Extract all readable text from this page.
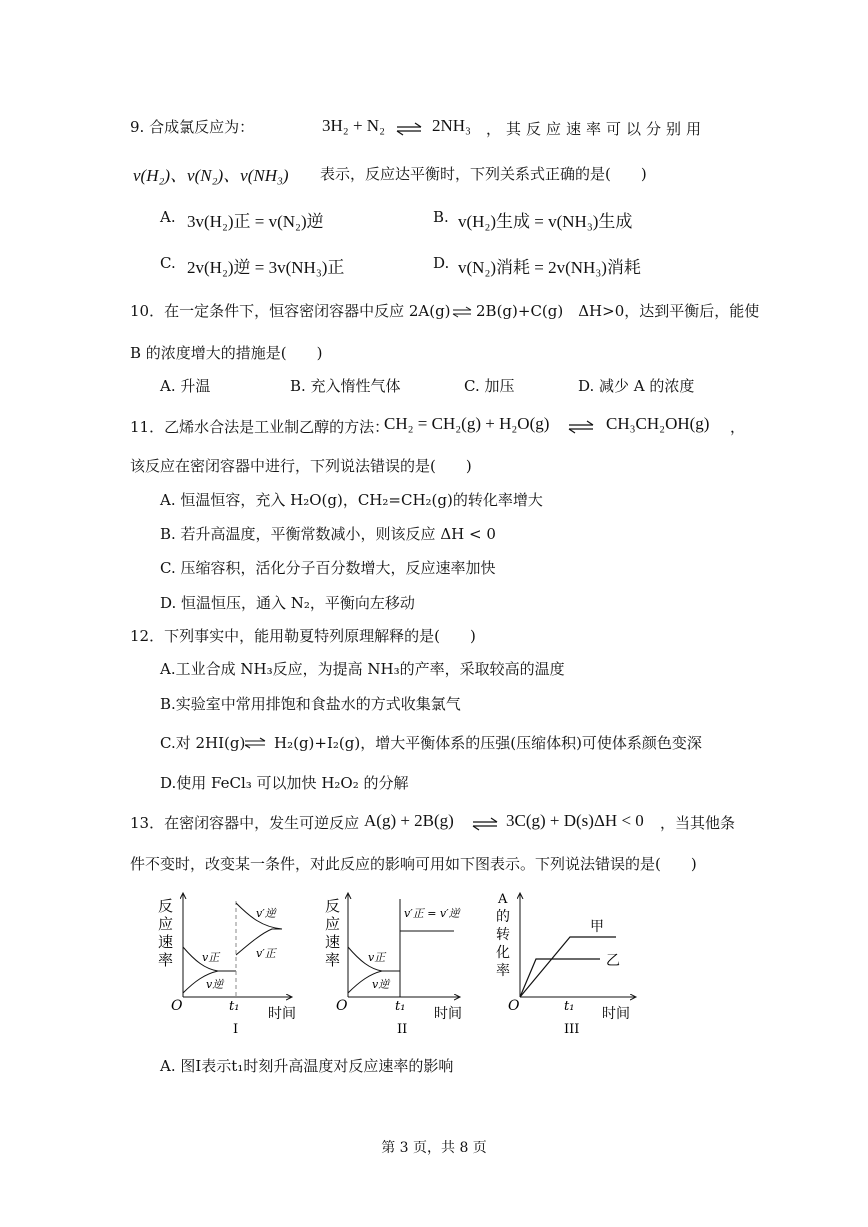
9. 合成氯反应为：	3H₂ + N₂ ⇌ 2NH₃ ，其反应速率可以分别用
v(H₂)、v(N₂)、v(NH₃) 表示，反应达平衡时，下列关系式正确的是(　　)
A. 3v(H₂)正 = v(N₂)逆	B. v(H₂)生成 = v(NH₃)生成
C. 2v(H₂)逆 = 3v(NH₃)正	D. v(N₂)消耗 = 2v(NH₃)消耗
10．在一定条件下，恒容密闭容器中反应 2A(g) ⇌ 2B(g)+C(g)　ΔH>0，达到平衡后，能使
B 的浓度增大的措施是(　　)
A. 升温	B. 充入惰性气体	C. 加压	D. 减少 A 的浓度
11．乙烯水合法是工业制乙醇的方法：
CH₂ = CH₂(g) + H₂O(g) ⇌ CH₃CH₂OH(g) ，
该反应在密闭容器中进行，下列说法错误的是(　　)
A. 恒温恒容，充入 H₂O(g)，CH₂=CH₂(g)的转化率增大
B. 若升高温度，平衡常数减小，则该反应 ΔH < 0
C. 压缩容积，活化分子百分数增大，反应速率加快
D. 恒温恒压，通入 N₂，平衡向左移动
12．下列事实中，能用勒夏特列原理解释的是(　　)
A.工业合成 NH₃反应，为提高 NH₃的产率，采取较高的温度
B.实验室中常用排饱和食盐水的方式收集氯气
C.对 2HI(g) ⇌ H₂(g)+I₂(g)，增大平衡体系的压强(压缩体积)可使体系颜色变深
D.使用 FeCl₃ 可以加快 H₂O₂ 的分解
13．在密闭容器中，发生可逆反应 A(g) + 2B(g) ⇌ 3C(g) + D(s) ΔH < 0 ，当其他条
件不变时，改变某一条件，对此反应的影响可用如下图表示。下列说法错误的是(　　)
反
应
速
率
O
v正
v逆
v′逆
v′正
t₁ 时间
I
反
应
速
率
O
v′正 = v′逆
v正
v逆
t₁ 时间
II
A
的
转
化
率
O
甲
乙
t₁ 时间
III
A. 图Ⅰ表示t₁时刻升高温度对反应速率的影响
第 3 页，共 8 页
